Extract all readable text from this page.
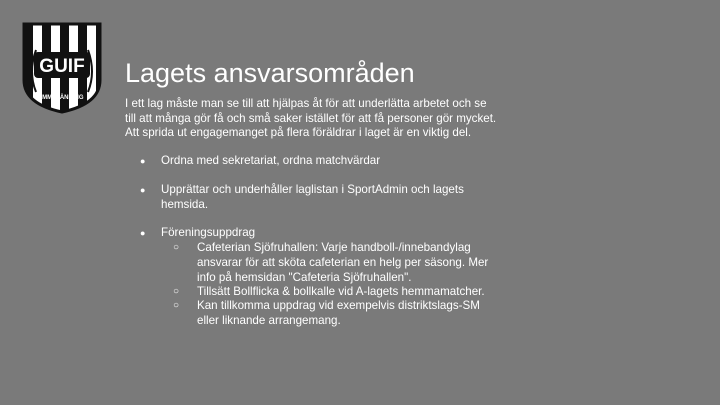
GUIF
IMMELÄNNING
Lagets ansvarsområden

I ett lag måste man se till att hjälpas åt för att underlätta arbetet och se
till att många gör få och små saker istället för att få personer gör mycket.
Att sprida ut engagemanget på flera föräldrar i laget är en viktig del.

● Ordna med sekretariat, ordna matchvärdar
● Upprättar och underhåller laglistan i SportAdmin och lagets
hemsida.
● Föreningsuppdrag
○ Cafeterian Sjöfruhallen: Varje handboll-/innebandylag
ansvarar för att sköta cafeterian en helg per säsong. Mer
info på hemsidan "Cafeteria Sjöfruhallen".
○ Tillsätt Bollflicka & bollkalle vid A-lagets hemmamatcher.
○ Kan tillkomma uppdrag vid exempelvis distriktslags-SM
eller liknande arrangemang.
